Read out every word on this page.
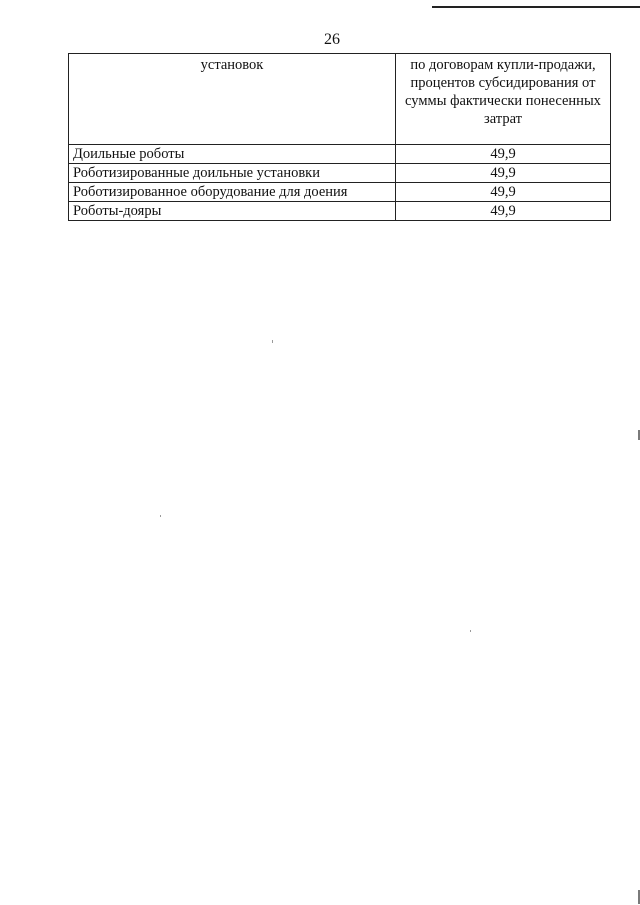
26
установок	по договорам купли-продажи, процентов субсидирования от суммы фактически понесенных затрат
Доильные роботы	49,9
Роботизированные доильные установки	49,9
Роботизированное оборудование для доения	49,9
Роботы-дояры	49,9
